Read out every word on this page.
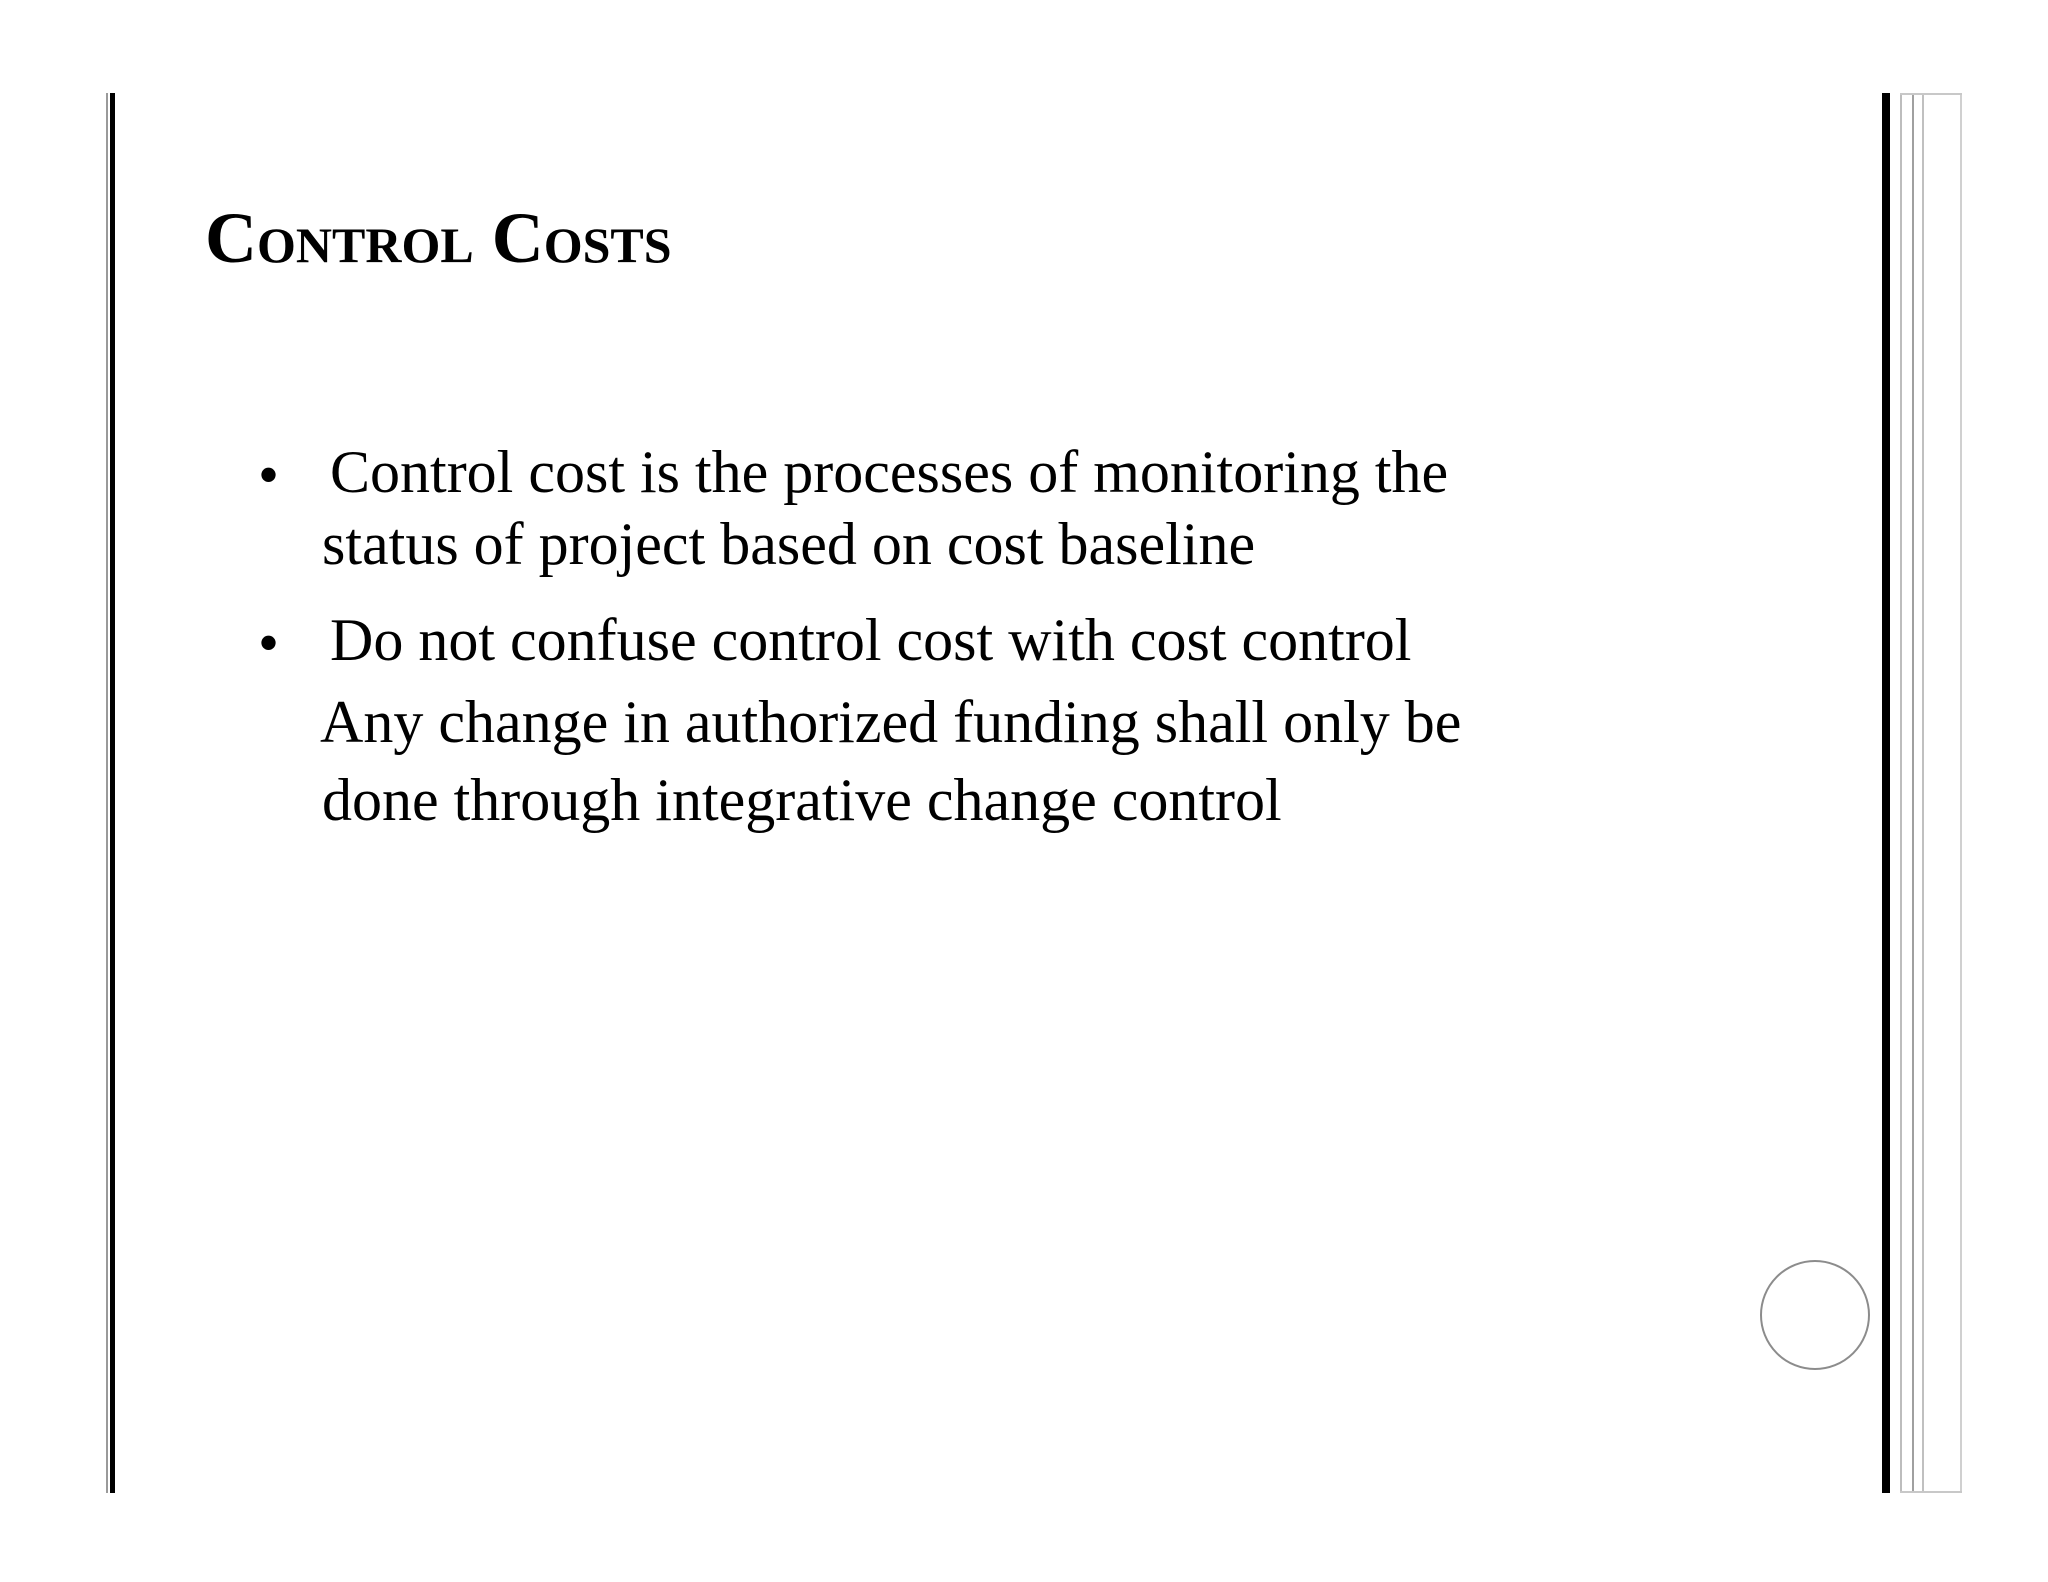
Control Costs
• Control cost is the processes of monitoring the
status of project based on cost baseline
• Do not confuse control cost with cost control
Any change in authorized funding shall only be
done through integrative change control
